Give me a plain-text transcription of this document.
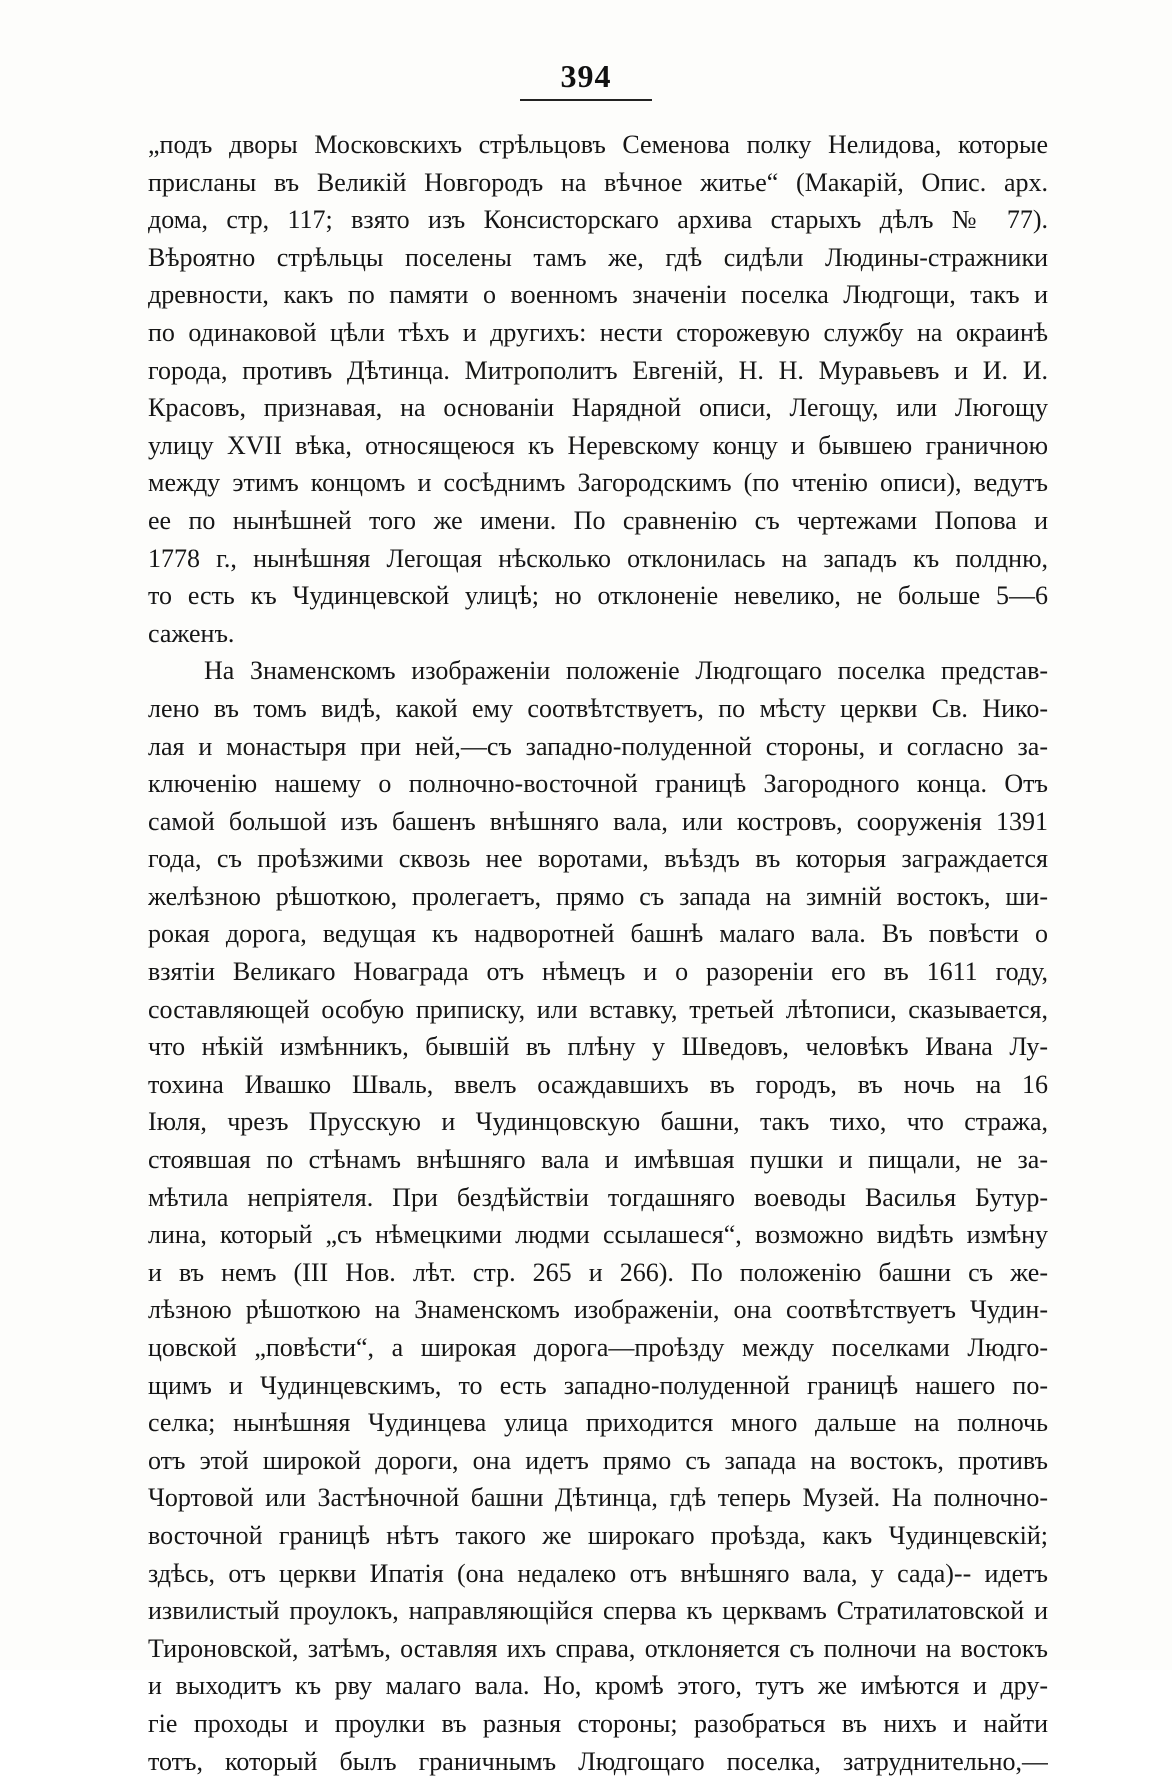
394
„подъ дворы Московскихъ стрѣльцовъ Семенова полку Нелидова, которые
присланы въ Великій Новгородъ на вѣчное житье“ (Макарій, Опис. арх.
дома, стр, 117; взято изъ Консисторскаго архива старыхъ дѣлъ № 77).
Вѣроятно стрѣльцы поселены тамъ же, гдѣ сидѣли Людины-стражники
древности, какъ по памяти о военномъ значеніи поселка Людгощи, такъ и
по одинаковой цѣли тѣхъ и другихъ: нести сторожевую службу на окраинѣ
города, противъ Дѣтинца. Митрополитъ Евгеній, Н. Н. Муравьевъ и И. И.
Красовъ, признавая, на основаніи Нарядной описи, Легощу, или Люгощу
улицу XVII вѣка, относящеюся къ Неревскому концу и бывшею граничною
между этимъ концомъ и сосѣднимъ Загородскимъ (по чтенію описи), ведутъ
ее по нынѣшней того же имени. По сравненію съ чертежами Попова и
1778 г., нынѣшняя Легощая нѣсколько отклонилась на западъ къ полдню,
то есть къ Чудинцевской улицѣ; но отклоненіе невелико, не больше 5—6
саженъ.
На Знаменскомъ изображеніи положеніе Людгощаго поселка представ-
лено въ томъ видѣ, какой ему соотвѣтствуетъ, по мѣсту церкви Св. Нико-
лая и монастыря при ней,—съ западно-полуденной стороны, и согласно за-
ключенію нашему о полночно-восточной границѣ Загородного конца. Отъ
самой большой изъ башенъ внѣшняго вала, или костровъ, сооруженія 1391
года, съ проѣзжими сквозь нее воротами, въѣздъ въ которыя заграждается
желѣзною рѣшоткою, пролегаетъ, прямо съ запада на зимній востокъ, ши-
рокая дорога, ведущая къ надворотней башнѣ малаго вала. Въ повѣсти о
взятіи Великаго Новаграда отъ нѣмецъ и о разореніи его въ 1611 году,
составляющей особую приписку, или вставку, третьей лѣтописи, сказывается,
что нѣкій измѣнникъ, бывшій въ плѣну у Шведовъ, человѣкъ Ивана Лу-
тохина Ивашко Шваль, ввелъ осаждавшихъ въ городъ, въ ночь на 16
Іюля, чрезъ Прусскую и Чудинцовскую башни, такъ тихо, что стража,
стоявшая по стѣнамъ внѣшняго вала и имѣвшая пушки и пищали, не за-
мѣтила непріятеля. При бездѣйствіи тогдашняго воеводы Василья Бутур-
лина, который „съ нѣмецкими людми ссылашеся“, возможно видѣть измѣну
и въ немъ (III Нов. лѣт. стр. 265 и 266). По положенію башни съ же-
лѣзною рѣшоткою на Знаменскомъ изображеніи, она соотвѣтствуетъ Чудин-
цовской „повѣсти“, а широкая дорога—проѣзду между поселками Людго-
щимъ и Чудинцевскимъ, то есть западно-полуденной границѣ нашего по-
селка; нынѣшняя Чудинцева улица приходится много дальше на полночь
отъ этой широкой дороги, она идетъ прямо съ запада на востокъ, противъ
Чортовой или Застѣночной башни Дѣтинца, гдѣ теперь Музей. На полночно-
восточной границѣ нѣтъ такого же широкаго проѣзда, какъ Чудинцевскій;
здѣсь, отъ церкви Ипатія (она недалеко отъ внѣшняго вала, у сада)-- идетъ
извилистый проулокъ, направляющійся сперва къ церквамъ Стратилатовской и
Тироновской, затѣмъ, оставляя ихъ справа, отклоняется съ полночи на востокъ
и выходитъ къ рву малаго вала. Но, кромѣ этого, тутъ же имѣются и дру-
гіе проходы и проулки въ разныя стороны; разобраться въ нихъ и найти
тотъ, который былъ граничнымъ Людгощаго поселка, затруднительно,—
